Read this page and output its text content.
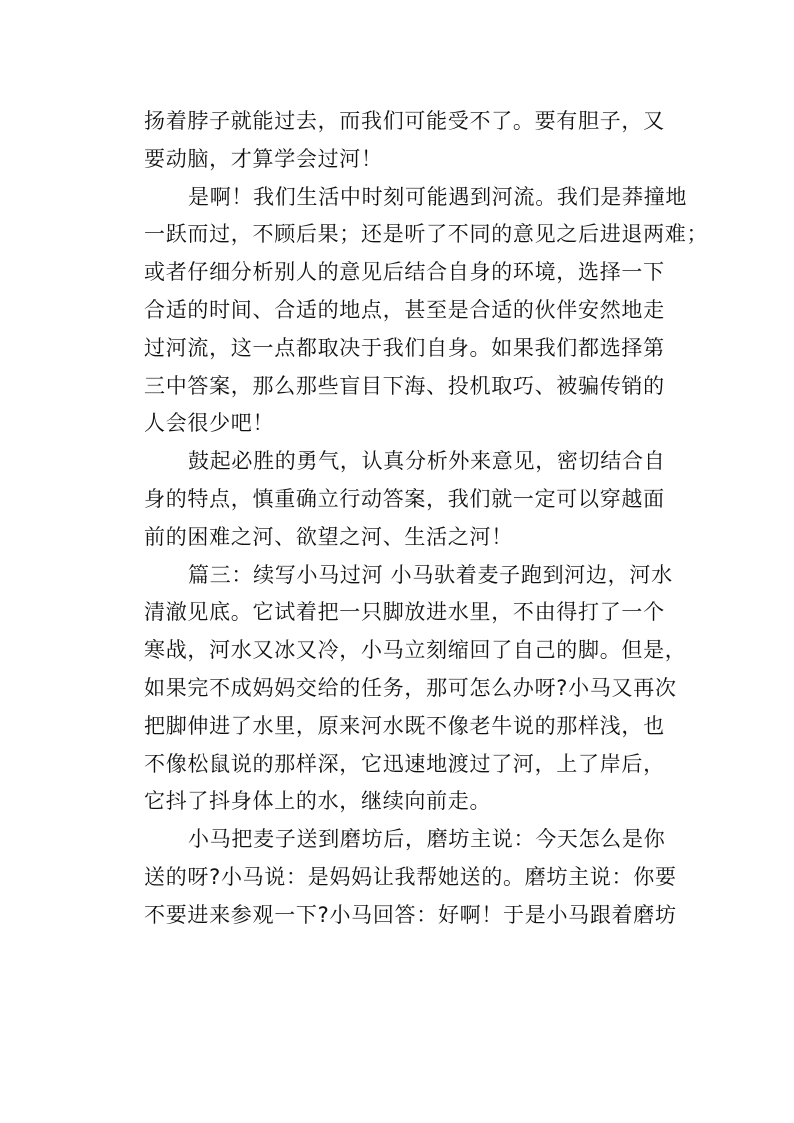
扬着脖子就能过去，而我们可能受不了。要有胆子，又
要动脑，才算学会过河！
是啊！我们生活中时刻可能遇到河流。我们是莽撞地
一跃而过，不顾后果；还是听了不同的意见之后进退两难；
或者仔细分析别人的意见后结合自身的环境，选择一下
合适的时间、合适的地点，甚至是合适的伙伴安然地走
过河流，这一点都取决于我们自身。如果我们都选择第
三中答案，那么那些盲目下海、投机取巧、被骗传销的
人会很少吧！
鼓起必胜的勇气，认真分析外来意见，密切结合自
身的特点，慎重确立行动答案，我们就一定可以穿越面
前的困难之河、欲望之河、生活之河！
篇三：续写小马过河 小马驮着麦子跑到河边，河水
清澈见底。它试着把一只脚放进水里，不由得打了一个
寒战，河水又冰又冷，小马立刻缩回了自己的脚。但是，
如果完不成妈妈交给的任务，那可怎么办呀?小马又再次
把脚伸进了水里，原来河水既不像老牛说的那样浅，也
不像松鼠说的那样深，它迅速地渡过了河，上了岸后，
它抖了抖身体上的水，继续向前走。
小马把麦子送到磨坊后，磨坊主说：今天怎么是你
送的呀?小马说：是妈妈让我帮她送的。磨坊主说：你要
不要进来参观一下?小马回答：好啊！于是小马跟着磨坊
